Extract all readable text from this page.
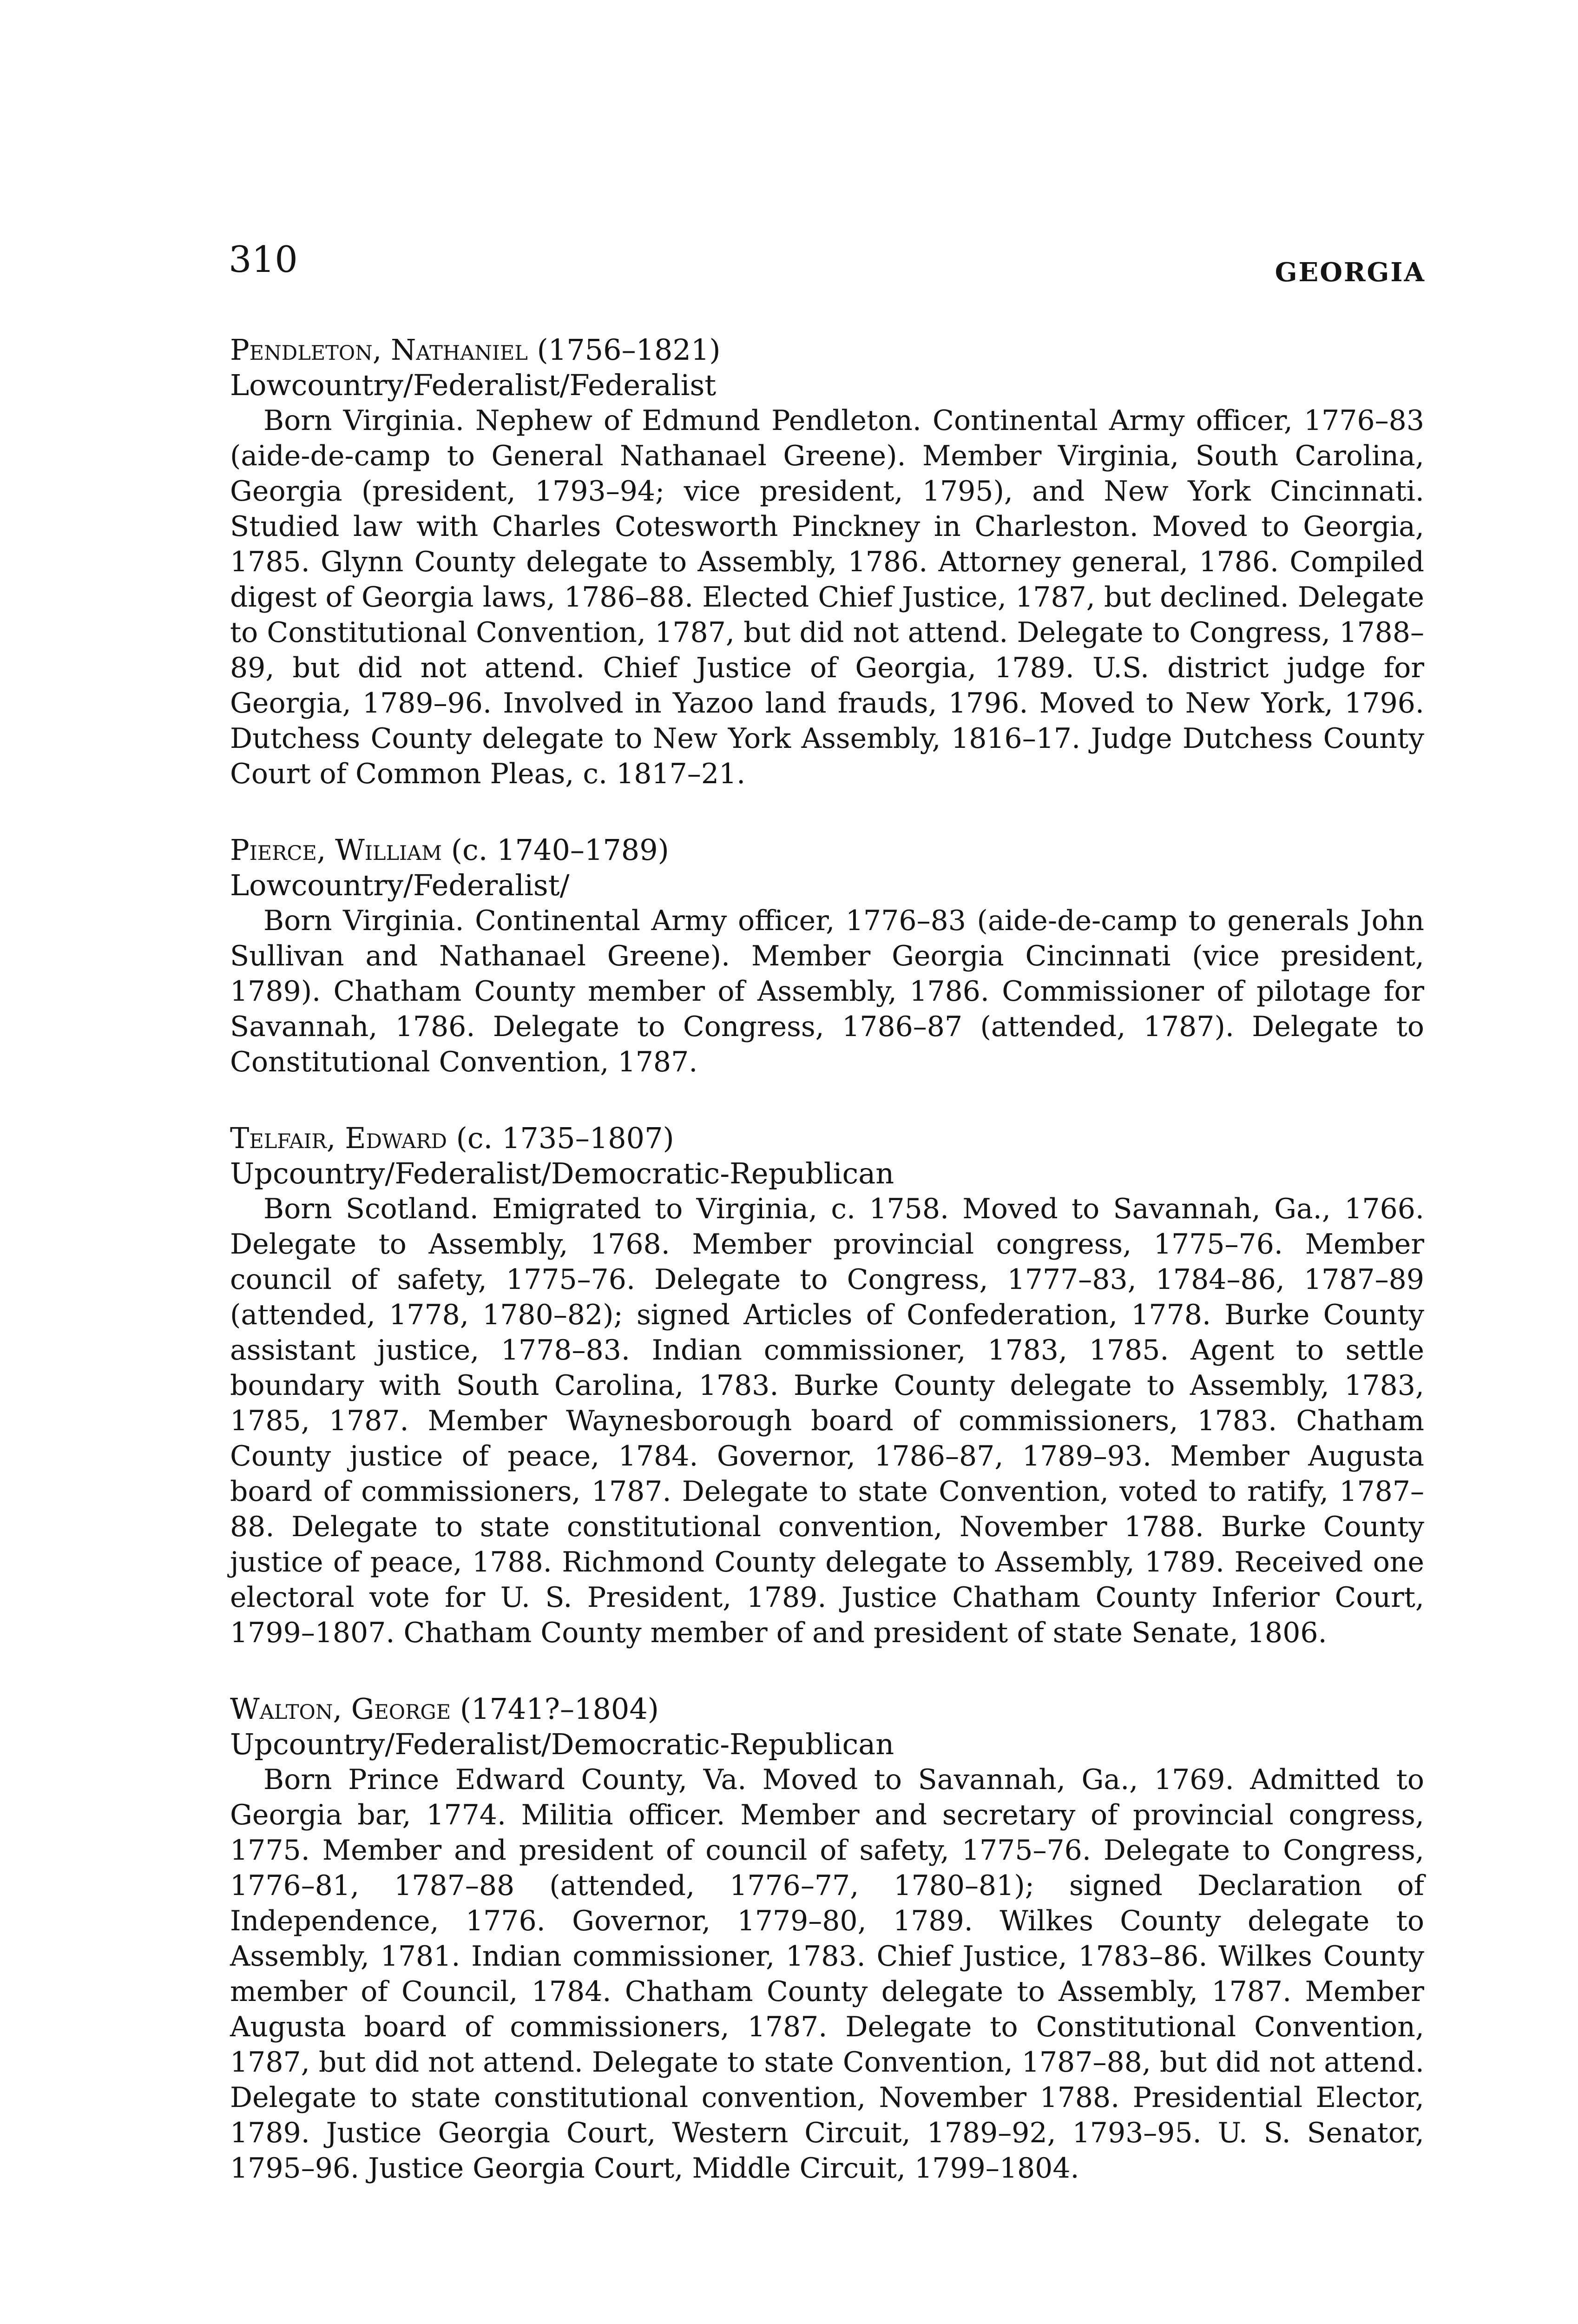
310	GEORGIA
Pendleton, Nathaniel (1756–1821)
Lowcountry/Federalist/Federalist

Born Virginia. Nephew of Edmund Pendleton. Continental Army officer, 1776–83 (aide-de-camp to General Nathanael Greene). Member Virginia, South Carolina, Georgia (president, 1793–94; vice president, 1795), and New York Cincinnati. Studied law with Charles Cotesworth Pinckney in Charleston. Moved to Georgia, 1785. Glynn County delegate to Assembly, 1786. Attorney general, 1786. Compiled digest of Georgia laws, 1786–88. Elected Chief Justice, 1787, but declined. Delegate to Constitutional Convention, 1787, but did not attend. Delegate to Congress, 1788–89, but did not attend. Chief Justice of Georgia, 1789. U.S. district judge for Georgia, 1789–96. Involved in Yazoo land frauds, 1796. Moved to New York, 1796. Dutchess County delegate to New York Assembly, 1816–17. Judge Dutchess County Court of Common Pleas, c. 1817–21.

Pierce, William (c. 1740–1789)
Lowcountry/Federalist/

Born Virginia. Continental Army officer, 1776–83 (aide-de-camp to generals John Sullivan and Nathanael Greene). Member Georgia Cincinnati (vice president, 1789). Chatham County member of Assembly, 1786. Commissioner of pilotage for Savannah, 1786. Delegate to Congress, 1786–87 (attended, 1787). Delegate to Constitutional Convention, 1787.

Telfair, Edward (c. 1735–1807)
Upcountry/Federalist/Democratic-Republican

Born Scotland. Emigrated to Virginia, c. 1758. Moved to Savannah, Ga., 1766. Delegate to Assembly, 1768. Member provincial congress, 1775–76. Member council of safety, 1775–76. Delegate to Congress, 1777–83, 1784–86, 1787–89 (attended, 1778, 1780–82); signed Articles of Confederation, 1778. Burke County assistant justice, 1778–83. Indian commissioner, 1783, 1785. Agent to settle boundary with South Carolina, 1783. Burke County delegate to Assembly, 1783, 1785, 1787. Member Waynesborough board of commissioners, 1783. Chatham County justice of peace, 1784. Governor, 1786–87, 1789–93. Member Augusta board of commissioners, 1787. Delegate to state Convention, voted to ratify, 1787–88. Delegate to state constitutional convention, November 1788. Burke County justice of peace, 1788. Richmond County delegate to Assembly, 1789. Received one electoral vote for U. S. President, 1789. Justice Chatham County Inferior Court, 1799–1807. Chatham County member of and president of state Senate, 1806.

Walton, George (1741?–1804)
Upcountry/Federalist/Democratic-Republican

Born Prince Edward County, Va. Moved to Savannah, Ga., 1769. Admitted to Georgia bar, 1774. Militia officer. Member and secretary of provincial congress, 1775. Member and president of council of safety, 1775–76. Delegate to Congress, 1776–81, 1787–88 (attended, 1776–77, 1780–81); signed Declaration of Independence, 1776. Governor, 1779–80, 1789. Wilkes County delegate to Assembly, 1781. Indian commissioner, 1783. Chief Justice, 1783–86. Wilkes County member of Council, 1784. Chatham County delegate to Assembly, 1787. Member Augusta board of commissioners, 1787. Delegate to Constitutional Convention, 1787, but did not attend. Delegate to state Convention, 1787–88, but did not attend. Delegate to state constitutional convention, November 1788. Presidential Elector, 1789. Justice Georgia Court, Western Circuit, 1789–92, 1793–95. U. S. Senator, 1795–96. Justice Georgia Court, Middle Circuit, 1799–1804.
